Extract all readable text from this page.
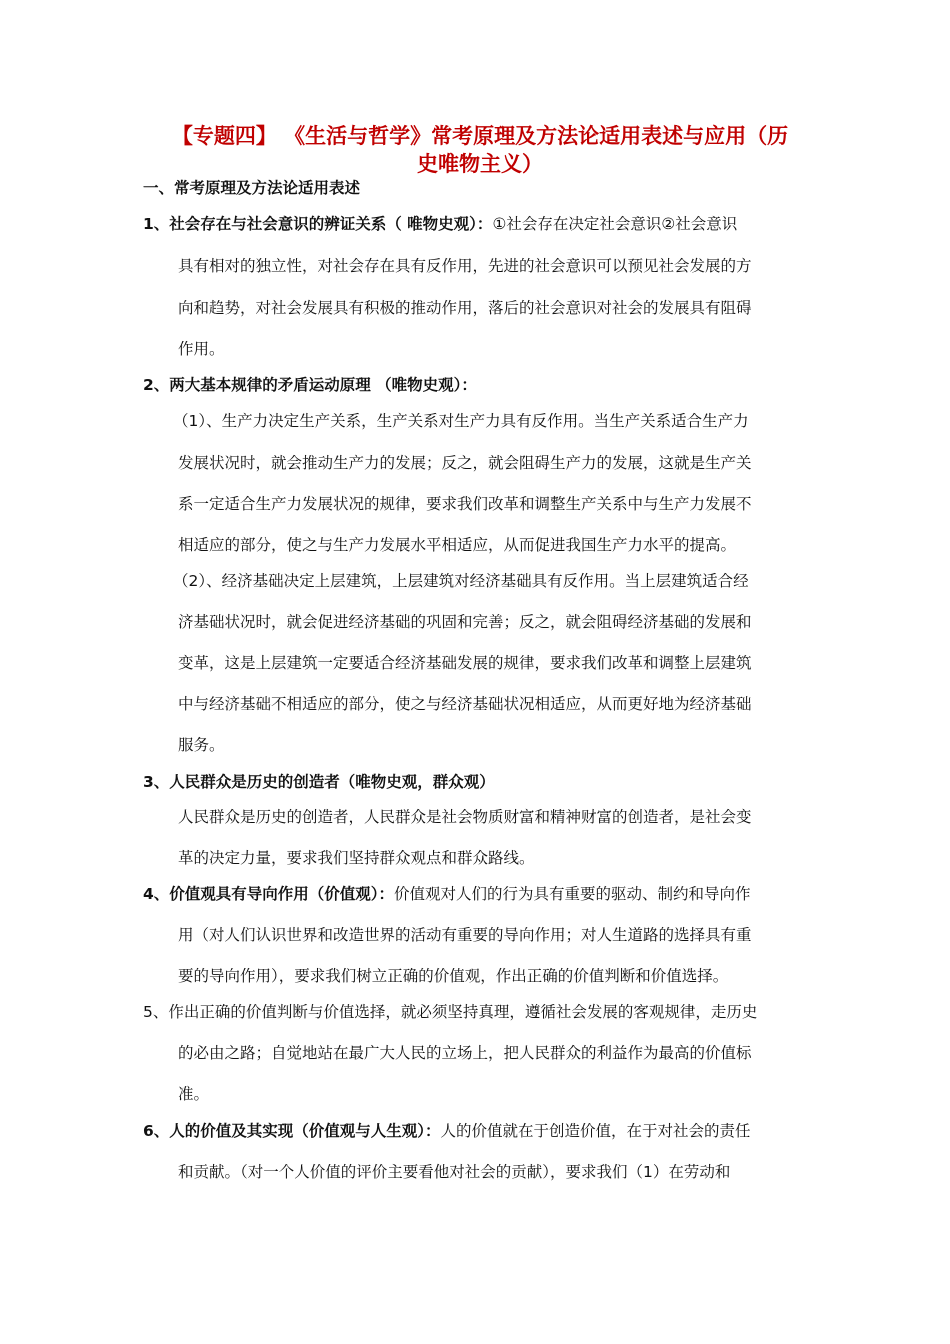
【专题四】 《生活与哲学》常考原理及方法论适用表述与应用（历
史唯物主义）
一、常考原理及方法论适用表述
1、社会存在与社会意识的辨证关系（ 唯物史观）：①社会存在决定社会意识②社会意识
具有相对的独立性，对社会存在具有反作用，先进的社会意识可以预见社会发展的方
向和趋势，对社会发展具有积极的推动作用，落后的社会意识对社会的发展具有阻碍
作用。
2、两大基本规律的矛盾运动原理 （唯物史观）：
（1）、生产力决定生产关系，生产关系对生产力具有反作用。当生产关系适合生产力
发展状况时，就会推动生产力的发展；反之，就会阻碍生产力的发展，这就是生产关
系一定适合生产力发展状况的规律，要求我们改革和调整生产关系中与生产力发展不
相适应的部分，使之与生产力发展水平相适应，从而促进我国生产力水平的提高。
（2）、经济基础决定上层建筑，上层建筑对经济基础具有反作用。当上层建筑适合经
济基础状况时，就会促进经济基础的巩固和完善；反之，就会阻碍经济基础的发展和
变革，这是上层建筑一定要适合经济基础发展的规律，要求我们改革和调整上层建筑
中与经济基础不相适应的部分，使之与经济基础状况相适应，从而更好地为经济基础
服务。
3、人民群众是历史的创造者（唯物史观，群众观）
人民群众是历史的创造者，人民群众是社会物质财富和精神财富的创造者，是社会变
革的决定力量，要求我们坚持群众观点和群众路线。
4、价值观具有导向作用（价值观）：价值观对人们的行为具有重要的驱动、制约和导向作
用（对人们认识世界和改造世界的活动有重要的导向作用；对人生道路的选择具有重
要的导向作用），要求我们树立正确的价值观，作出正确的价值判断和价值选择。
5、作出正确的价值判断与价值选择，就必须坚持真理，遵循社会发展的客观规律，走历史
的必由之路；自觉地站在最广大人民的立场上，把人民群众的利益作为最高的价值标
准。
6、人的价值及其实现（价值观与人生观）：人的价值就在于创造价值，在于对社会的责任
和贡献。（对一个人价值的评价主要看他对社会的贡献），要求我们（1）在劳动和
